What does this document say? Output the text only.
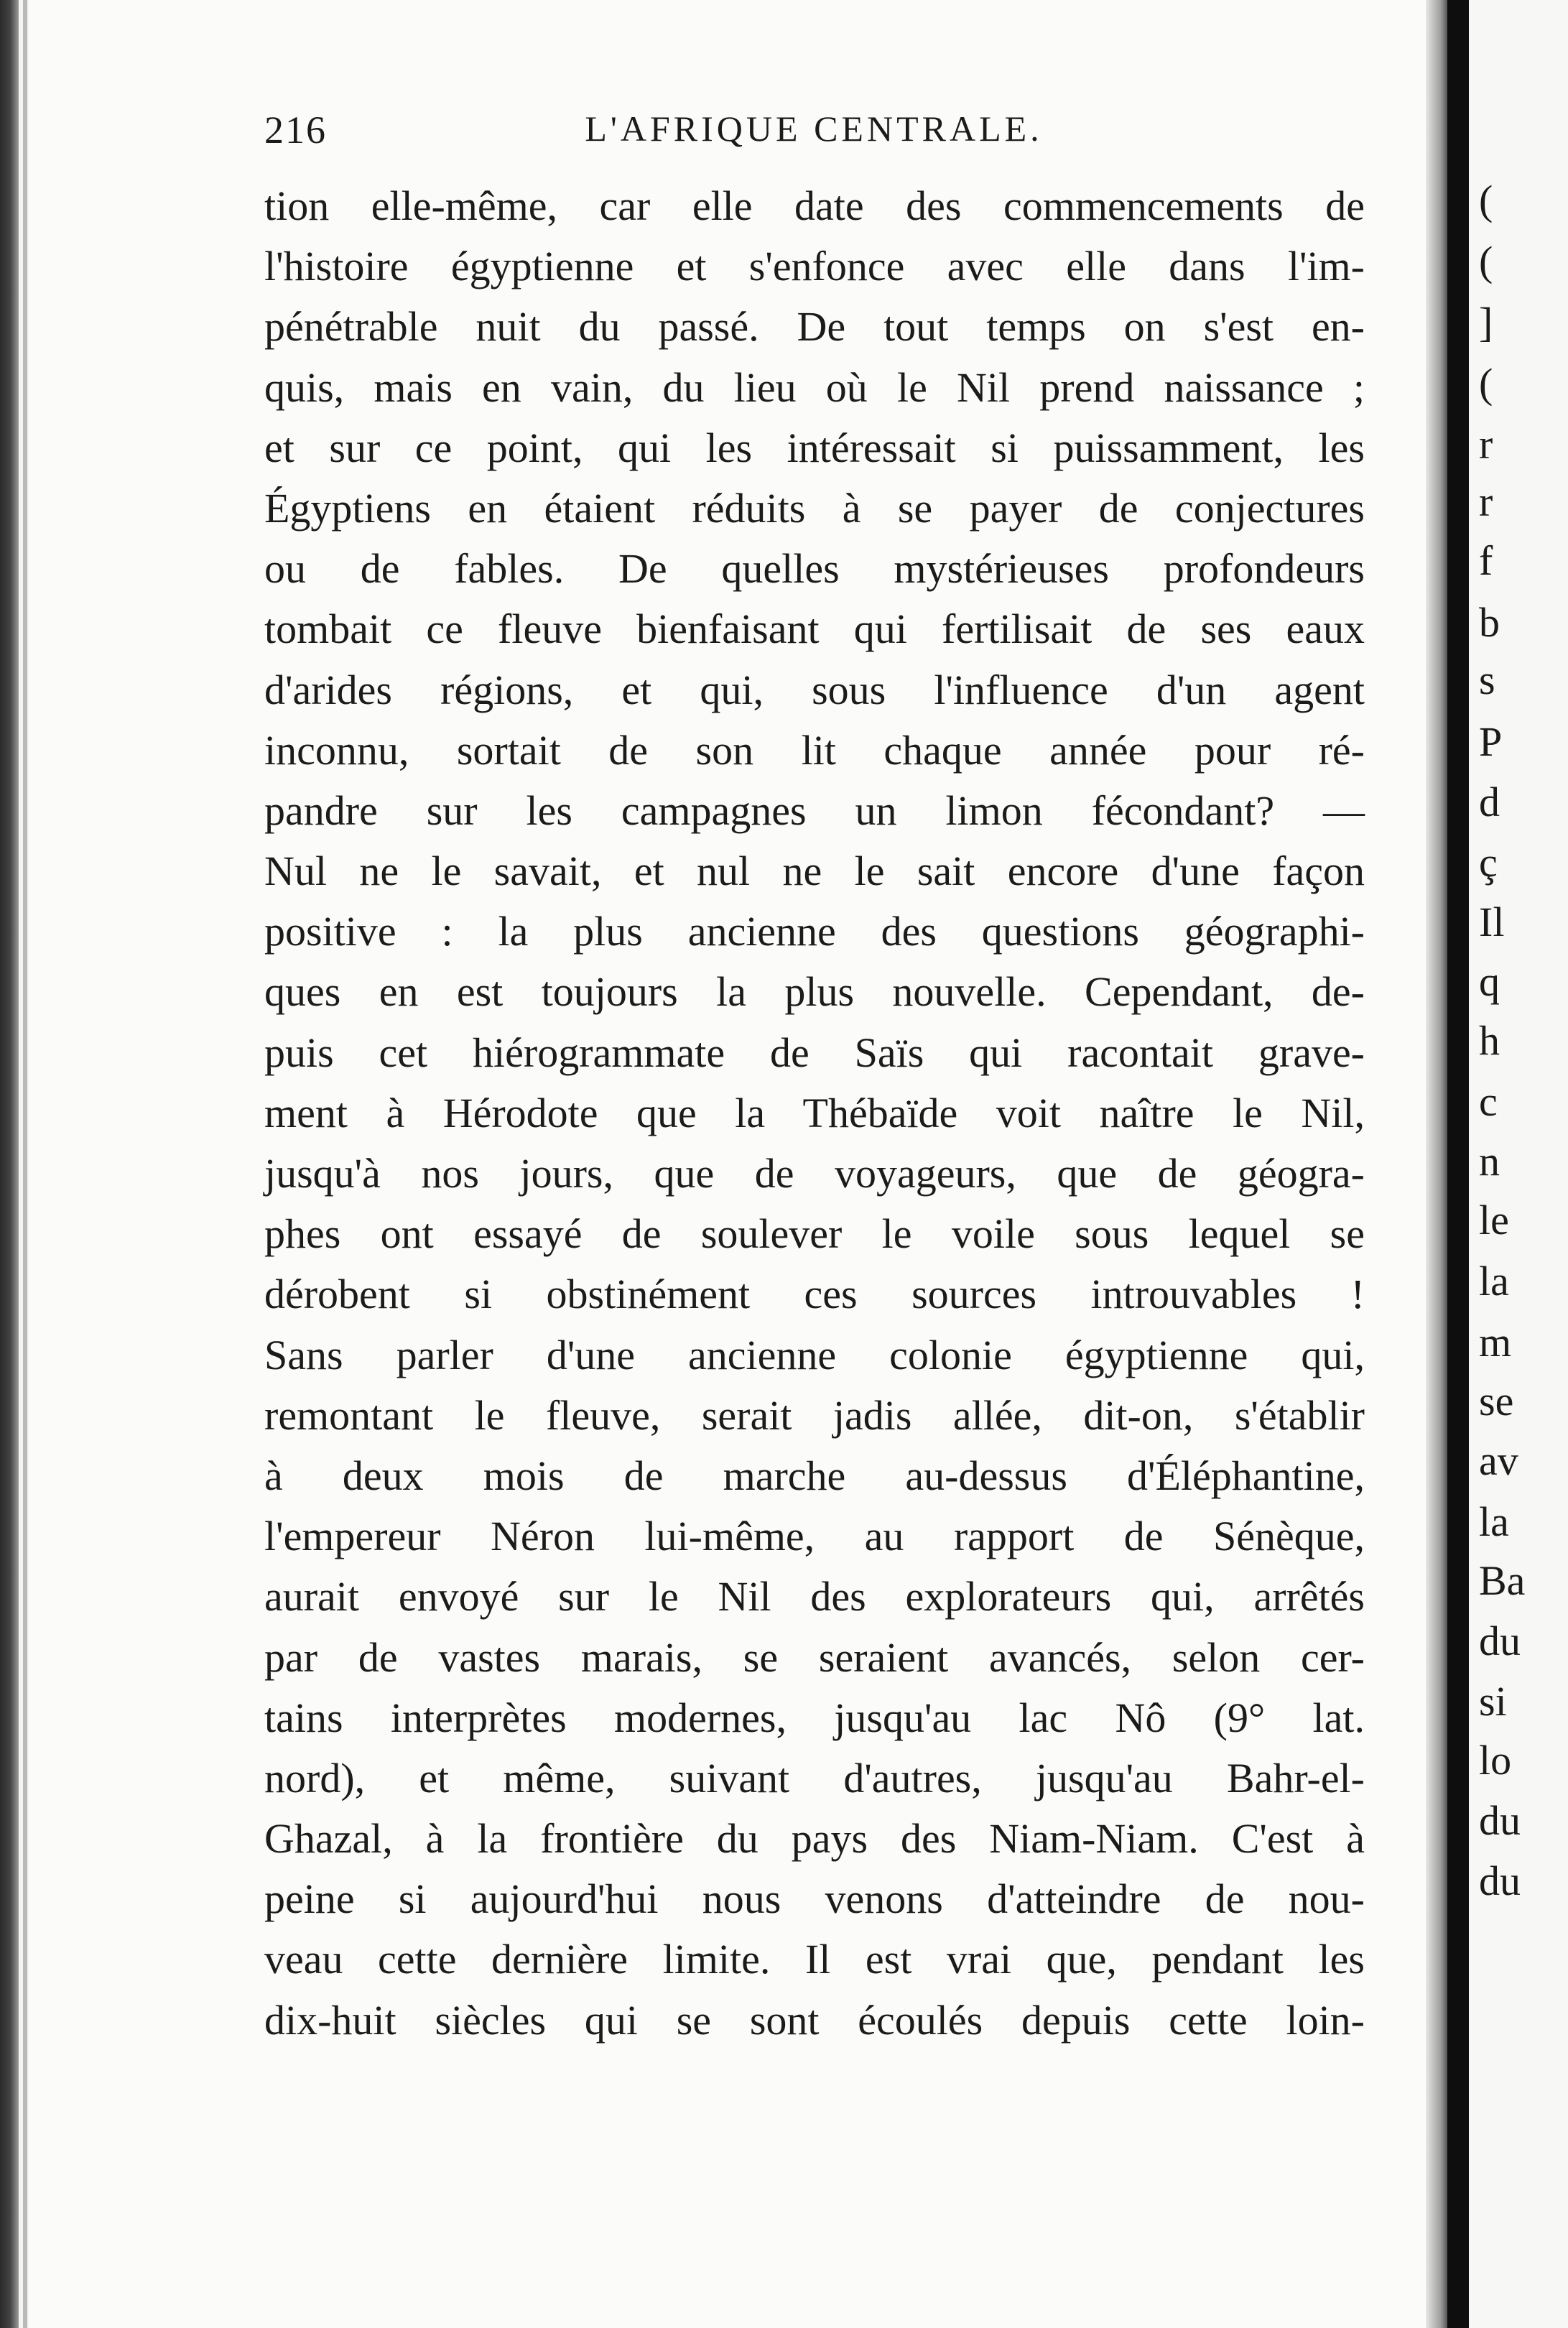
216	L'AFRIQUE CENTRALE.
tion elle-même, car elle date des commencements de
l'histoire égyptienne et s'enfonce avec elle dans l'im-
pénétrable nuit du passé. De tout temps on s'est en-
quis, mais en vain, du lieu où le Nil prend naissance ;
et sur ce point, qui les intéressait si puissamment, les
Égyptiens en étaient réduits à se payer de conjectures
ou de fables. De quelles mystérieuses profondeurs
tombait ce fleuve bienfaisant qui fertilisait de ses eaux
d'arides régions, et qui, sous l'influence d'un agent
inconnu, sortait de son lit chaque année pour ré-
pandre sur les campagnes un limon fécondant? —
Nul ne le savait, et nul ne le sait encore d'une façon
positive : la plus ancienne des questions géographi-
ques en est toujours la plus nouvelle. Cependant, de-
puis cet hiérogrammate de Saïs qui racontait grave-
ment à Hérodote que la Thébaïde voit naître le Nil,
jusqu'à nos jours, que de voyageurs, que de géogra-
phes ont essayé de soulever le voile sous lequel se
dérobent si obstinément ces sources introuvables !
Sans parler d'une ancienne colonie égyptienne qui,
remontant le fleuve, serait jadis allée, dit-on, s'établir
à deux mois de marche au-dessus d'Éléphantine,
l'empereur Néron lui-même, au rapport de Sénèque,
aurait envoyé sur le Nil des explorateurs qui, arrêtés
par de vastes marais, se seraient avancés, selon cer-
tains interprètes modernes, jusqu'au lac Nô (9° lat.
nord), et même, suivant d'autres, jusqu'au Bahr-el-
Ghazal, à la frontière du pays des Niam-Niam. C'est à
peine si aujourd'hui nous venons d'atteindre de nou-
veau cette dernière limite. Il est vrai que, pendant les
dix-huit siècles qui se sont écoulés depuis cette loin-
(
(
]
(
r
r
f
b
s
P
d
ç
Il
q
h
c
n
le
la
m
se
av
la
Ba
du
si
lo
du
du
